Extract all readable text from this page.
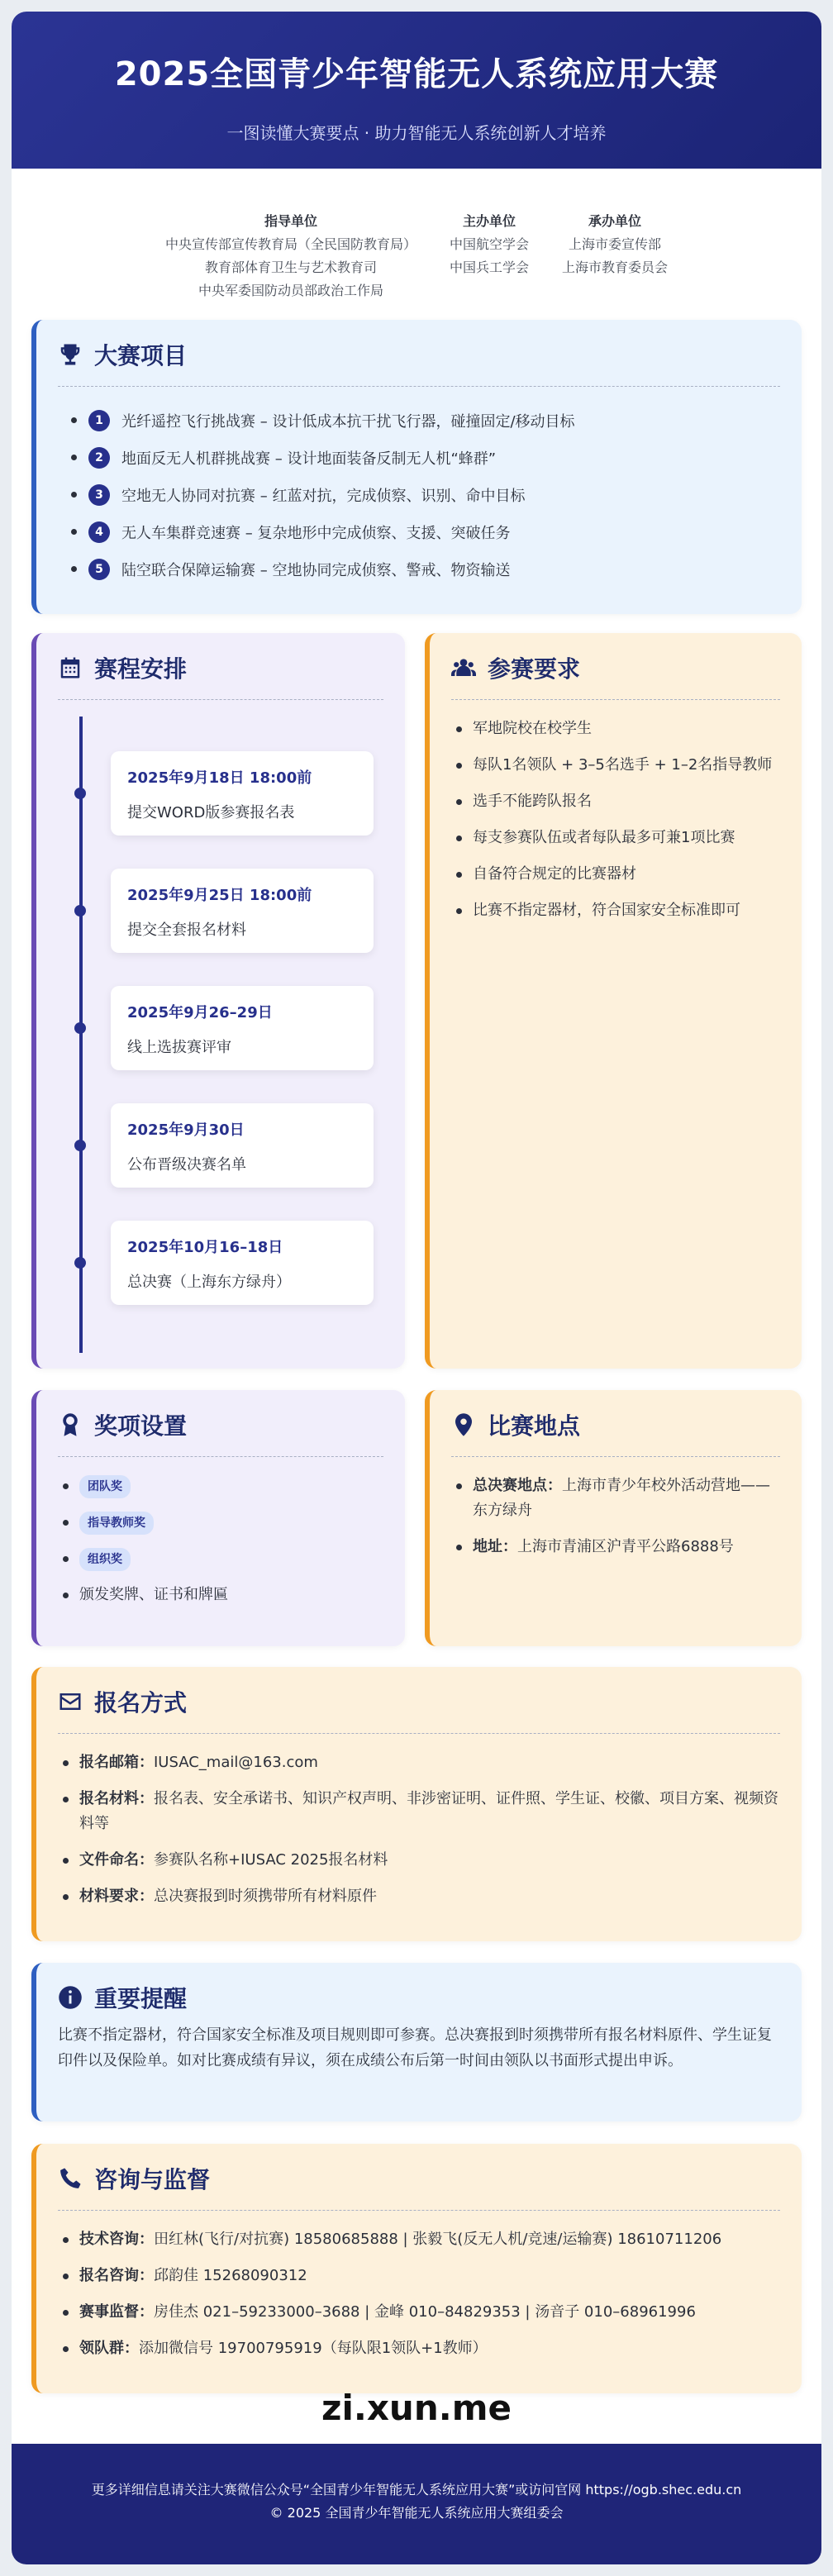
2025全国青少年智能无人系统应用大赛
一图读懂大赛要点 · 助力智能无人系统创新人才培养
指导单位
中央宣传部宣传教育局（全民国防教育局）
教育部体育卫生与艺术教育司
中央军委国防动员部政治工作局
主办单位
中国航空学会
中国兵工学会
承办单位
上海市委宣传部
上海市教育委员会
大赛项目
1	光纤遥控飞行挑战赛 – 设计低成本抗干扰飞行器，碰撞固定/移动目标
2	地面反无人机群挑战赛 – 设计地面装备反制无人机“蜂群”
3	空地无人协同对抗赛 – 红蓝对抗，完成侦察、识别、命中目标
4	无人车集群竞速赛 – 复杂地形中完成侦察、支援、突破任务
5	陆空联合保障运输赛 – 空地协同完成侦察、警戒、物资输送
赛程安排
2025年9月18日 18:00前
提交WORD版参赛报名表
2025年9月25日 18:00前
提交全套报名材料
2025年9月26–29日
线上选拔赛评审
2025年9月30日
公布晋级决赛名单
2025年10月16–18日
总决赛（上海东方绿舟）
参赛要求
军地院校在校学生
每队1名领队 + 3–5名选手 + 1–2名指导教师
选手不能跨队报名
每支参赛队伍或者每队最多可兼1项比赛
自备符合规定的比赛器材
比赛不指定器材，符合国家安全标准即可
奖项设置
团队奖
指导教师奖
组织奖
颁发奖牌、证书和牌匾
比赛地点
总决赛地点：上海市青少年校外活动营地——东方绿舟
地址：上海市青浦区沪青平公路6888号
报名方式
报名邮箱：IUSAC_mail@163.com
报名材料：报名表、安全承诺书、知识产权声明、非涉密证明、证件照、学生证、校徽、项目方案、视频资料等
文件命名：参赛队名称+IUSAC 2025报名材料
材料要求：总决赛报到时须携带所有材料原件
重要提醒

比赛不指定器材，符合国家安全标准及项目规则即可参赛。总决赛报到时须携带所有报名材料原件、学生证复印件以及保险单。如对比赛成绩有异议，须在成绩公布后第一时间由领队以书面形式提出申诉。

咨询与监督
技术咨询：田红林(飞行/对抗赛) 18580685888 | 张毅飞(反无人机/竞速/运输赛) 18610711206
报名咨询：邱韵佳 15268090312
赛事监督：房佳杰 021–59233000–3688 | 金峰 010–84829353 | 汤音子 010–68961996
领队群：添加微信号 19700795919（每队限1领队+1教师）
zi.xun.me
更多详细信息请关注大赛微信公众号“全国青少年智能无人系统应用大赛”或访问官网 https://ogb.shec.edu.cn
© 2025 全国青少年智能无人系统应用大赛组委会
